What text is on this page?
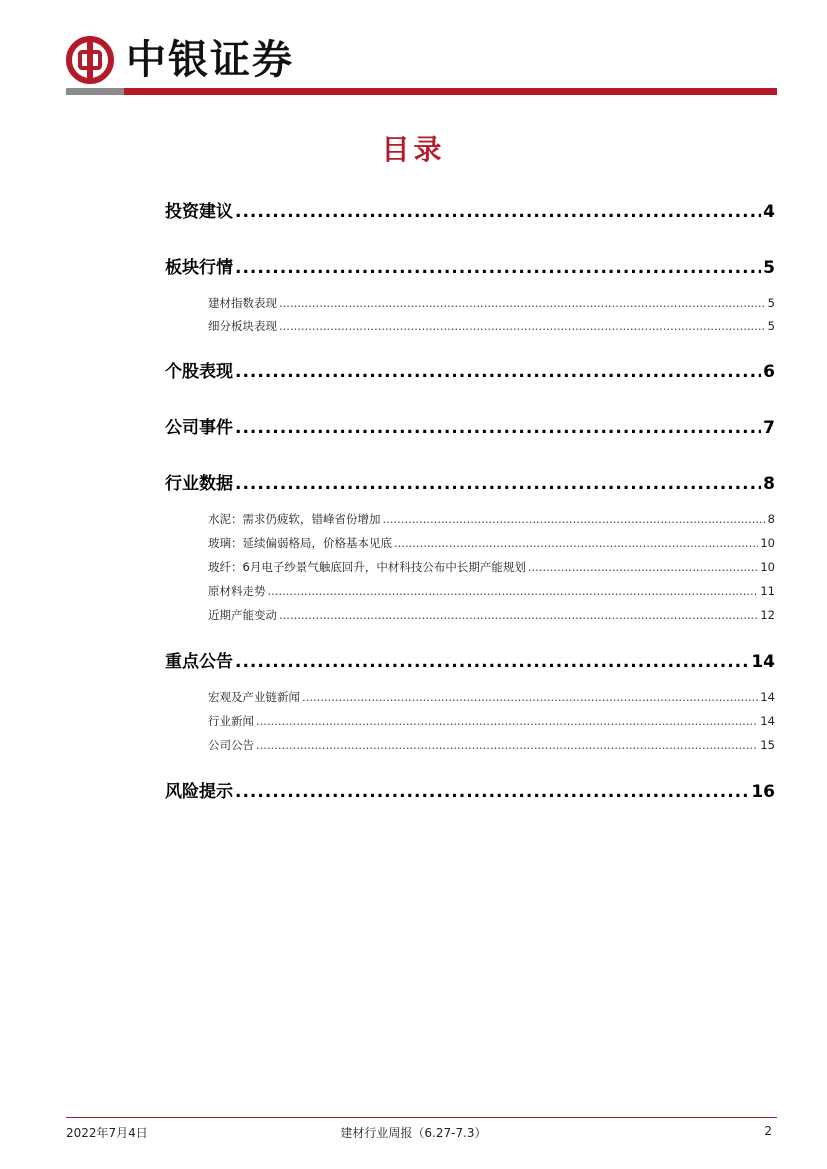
中银证券
目录
投资建议 .....	4
板块行情 .....	5
建材指数表现 .....	5
细分板块表现 .....	5
个股表现 .....	6
公司事件 .....	7
行业数据 .....	8
水泥：需求仍疲软，错峰省份增加 .....	8
玻璃：延续偏弱格局，价格基本见底 .....	10
玻纤：6月电子纱景气触底回升，中材科技公布中长期产能规划 .....	10
原材料走势 .....	11
近期产能变动 .....	12
重点公告 .....	14
宏观及产业链新闻 .....	14
行业新闻 .....	14
公司公告 .....	15
风险提示 .....	16
2022年7月4日	建材行业周报（6.27-7.3）	2
